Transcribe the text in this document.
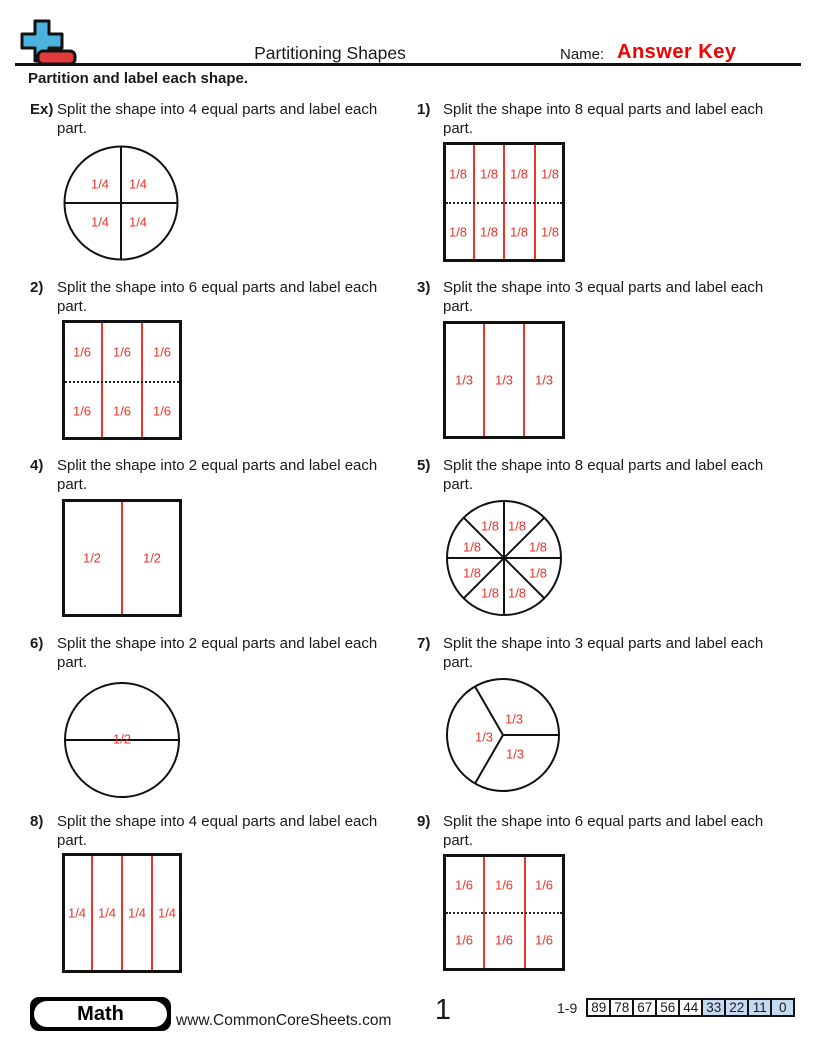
Partitioning Shapes	Name: Answer Key
Partition and label each shape.
Ex) Split the shape into 4 equal parts and label each part.
1) Split the shape into 8 equal parts and label each part.
2) Split the shape into 6 equal parts and label each part.
3) Split the shape into 3 equal parts and label each part.
4) Split the shape into 2 equal parts and label each part.
5) Split the shape into 8 equal parts and label each part.
6) Split the shape into 2 equal parts and label each part.
7) Split the shape into 3 equal parts and label each part.
8) Split the shape into 4 equal parts and label each part.
9) Split the shape into 6 equal parts and label each part.
1/4 1/4
1/4 1/4
1/8 1/8 1/8 1/8
1/8 1/8 1/8 1/8
1/6 1/6 1/6
1/6 1/6 1/6
1/3 1/3 1/3
1/2	1/2
1/8 1/8
1/8	1/8
1/8	1/8
1/8 1/8
1/2
1/3
1/3
1/3
1/4 1/4 1/4 1/4
1/6 1/6 1/6
1/6 1/6 1/6
Math	www.CommonCoreSheets.com 1	1-9	89 78 67 56 44 33 22 11 0
